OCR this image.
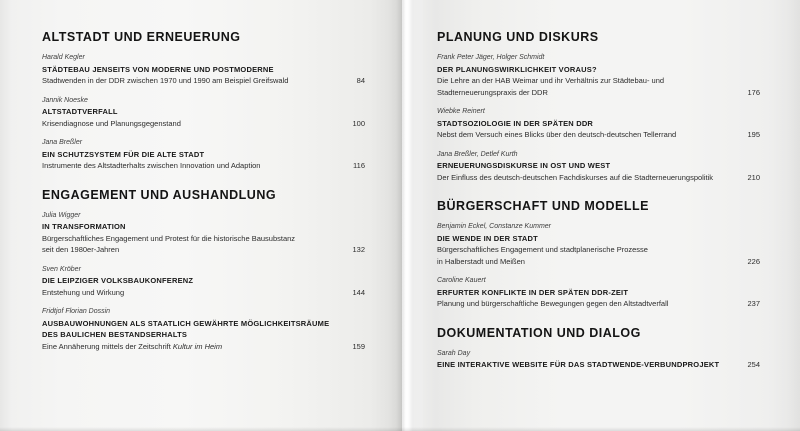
ALTSTADT UND ERNEUERUNG
Harald Kegler
STÄDTEBAU JENSEITS VON MODERNE UND POSTMODERNE
Stadtwenden in der DDR zwischen 1970 und 1990 am Beispiel Greifswald	84
Jannik Noeske
ALTSTADTVERFALL
Krisendiagnose und Planungsgegenstand	100
Jana Breßler
EIN SCHUTZSYSTEM FÜR DIE ALTE STADT
Instrumente des Altstadterhalts zwischen Innovation und Adaption	116
ENGAGEMENT UND AUSHANDLUNG
Julia Wigger
IN TRANSFORMATION
Bürgerschaftliches Engagement und Protest für die historische Bausubstanz
seit den 1980er-Jahren	132
Sven Kröber
DIE LEIPZIGER VOLKSBAUKONFERENZ
Entstehung und Wirkung	144
Fridtjof Florian Dossin
AUSBAUWOHNUNGEN ALS STAATLICH GEWÄHRTE MÖGLICHKEITSRÄUME
DES BAULICHEN BESTANDSERHALTS
Eine Annäherung mittels der Zeitschrift Kultur im Heim	159
PLANUNG UND DISKURS
Frank Peter Jäger, Holger Schmidt
DER PLANUNGSWIRKLICHKEIT VORAUS?
Die Lehre an der HAB Weimar und ihr Verhältnis zur Städtebau- und
Stadterneuerungspraxis der DDR	176
Wiebke Reinert
STADTSOZIOLOGIE IN DER SPÄTEN DDR
Nebst dem Versuch eines Blicks über den deutsch-deutschen Tellerrand	195
Jana Breßler, Detlef Kurth
ERNEUERUNGSDISKURSE IN OST UND WEST
Der Einfluss des deutsch-deutschen Fachdiskurses auf die Stadterneuerungspolitik	210
BÜRGERSCHAFT UND MODELLE
Benjamin Eckel, Constanze Kummer
DIE WENDE IN DER STADT
Bürgerschaftliches Engagement und stadtplanerische Prozesse
in Halberstadt und Meißen	226
Caroline Kauert
ERFURTER KONFLIKTE IN DER SPÄTEN DDR-ZEIT
Planung und bürgerschaftliche Bewegungen gegen den Altstadtverfall	237
DOKUMENTATION UND DIALOG
Sarah Day
EINE INTERAKTIVE WEBSITE FÜR DAS STADTWENDE-VERBUNDPROJEKT	254
